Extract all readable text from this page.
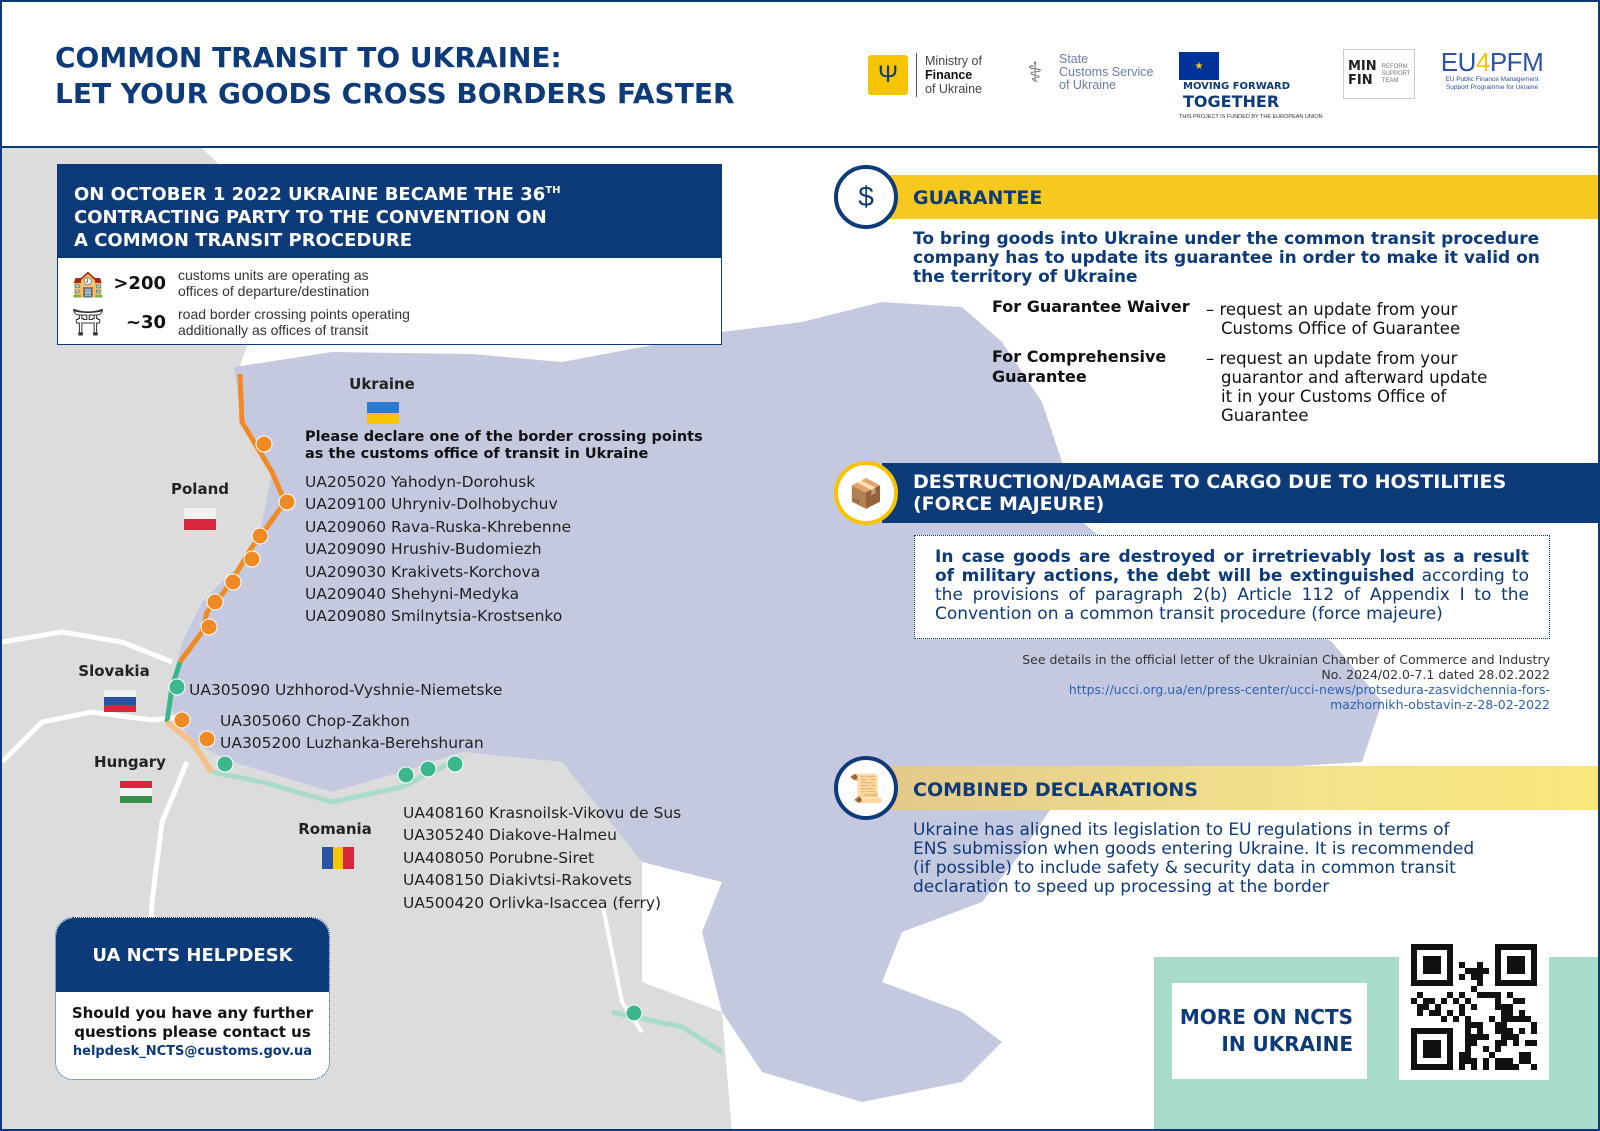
COMMON TRANSIT TO UKRAINE:
LET YOUR GOODS CROSS BORDERS FASTER
Ψ	Ministry of
Finance
of Ukraine
⚕	State
Customs Service
of Ukraine
★
MOVING FORWARD
TOGETHER
THIS PROJECT IS FUNDED BY THE EUROPEAN UNION
MIN
FIN
REFORM SUPPORT TEAM
EU4PFM
EU Public Finance Management
Support Programme for Ukraine
ON OCTOBER 1 2022 UKRAINE BECAME THE 36TH
CONTRACTING PARTY TO THE CONVENTION ON
A COMMON TRANSIT PROCEDURE
🏫 >200 customs units are operating as
offices of departure/destination
⛩	~30 road border crossing points operating
additionally as offices of transit
Ukraine
Poland
Slovakia
Hungary
Romania
Please declare one of the border crossing points
as the customs office of transit in Ukraine
UA205020 Yahodyn-Dorohusk
UA209100 Uhryniv-Dolhobychuv
UA209060 Rava-Ruska-Khrebenne
UA209090 Hrushiv-Budomiezh
UA209030 Krakivets-Korchova
UA209040 Shehyni-Medyka
UA209080 Smilnytsia-Krostsenko
UA305090 Uzhhorod-Vyshnie-Niemetske
UA305060 Chop-Zakhon
UA305200 Luzhanka-Berehshuran
UA408160 Krasnoilsk-Vikovu de Sus
UA305240 Diakove-Halmeu
UA408050 Porubne-Siret
UA408150 Diakivtsi-Rakovets
UA500420 Orlivka-Isaccea (ferry)
$	GUARANTEE
To bring goods into Ukraine under the common transit procedure
company has to update its guarantee in order to make it valid on
the territory of Ukraine
For Guarantee Waiver – request an update from your
Customs Office of Guarantee
For Comprehensive
Guarantee
– request an update from your
guarantor and afterward update
it in your Customs Office of
Guarantee
📦	DESTRUCTION/DAMAGE TO CARGO DUE TO HOSTILITIES
(FORCE MAJEURE)
In case goods are destroyed or irretrievably lost as a result of military actions, the debt will be extinguished according to the provisions of paragraph 2(b) Article 112 of Appendix I to the Convention on a common transit procedure (force majeure)
See details in the official letter of the Ukrainian Chamber of Commerce and Industry
No. 2024/02.0-7.1 dated 28.02.2022
https://ucci.org.ua/en/press-center/ucci-news/protsedura-zasvidchennia-fors-
mazhornikh-obstavin-z-28-02-2022
📜	COMBINED DECLARATIONS
Ukraine has aligned its legislation to EU regulations in terms of
ENS submission when goods entering Ukraine. It is recommended
(if possible) to include safety & security data in common transit
declaration to speed up processing at the border
UA NCTS HELPDESK
Should you have any further
questions please contact us
helpdesk_NCTS@customs.gov.ua
MORE ON NCTS
IN UKRAINE
